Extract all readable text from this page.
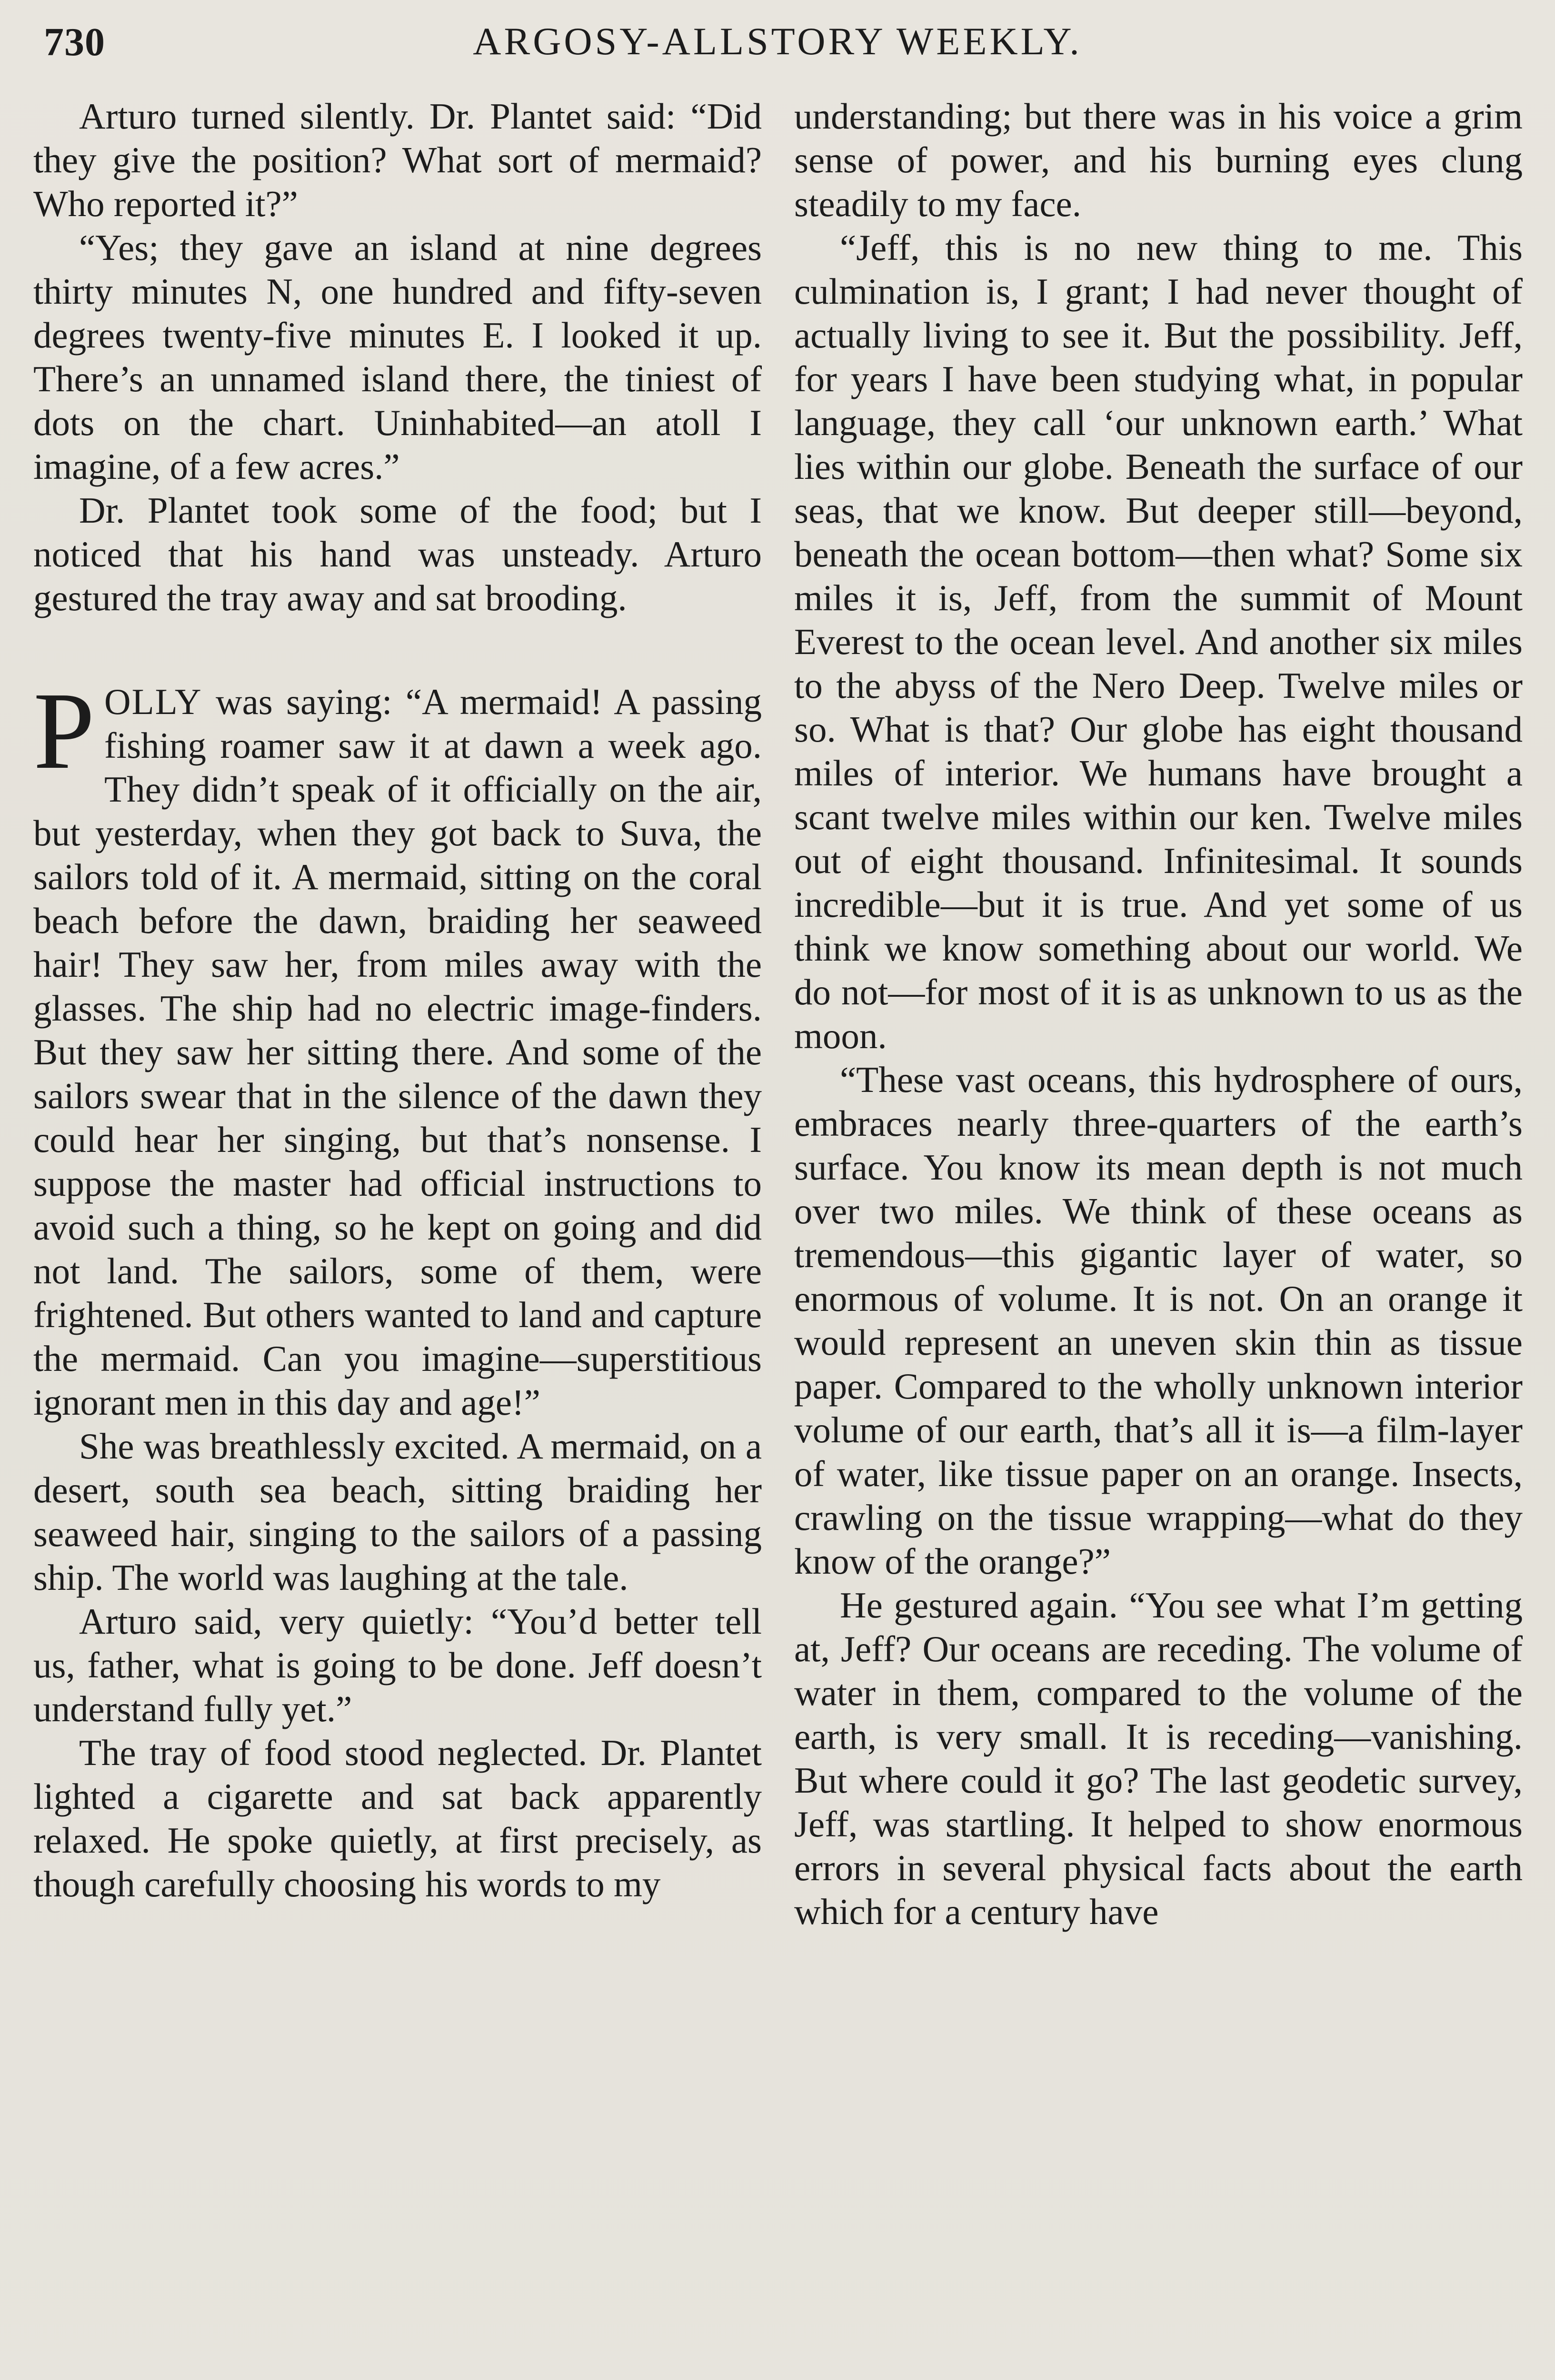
730	ARGOSY-ALLSTORY WEEKLY.

Arturo turned silently. Dr. Plantet said: “Did they give the position? What sort of mermaid? Who reported it?”

“Yes; they gave an island at nine degrees thirty minutes N, one hundred and fifty-seven degrees twenty-five minutes E. I looked it up. There’s an unnamed island there, the tiniest of dots on the chart. Uninhabited—an atoll I imagine, of a few acres.”

Dr. Plantet took some of the food; but I noticed that his hand was unsteady. Arturo gestured the tray away and sat brooding.

POLLY was saying: “A mermaid! A passing fishing roamer saw it at dawn a week ago. They didn’t speak of it officially on the air, but yesterday, when they got back to Suva, the sailors told of it. A mermaid, sitting on the coral beach before the dawn, braiding her seaweed hair! They saw her, from miles away with the glasses. The ship had no electric image-finders. But they saw her sitting there. And some of the sailors swear that in the silence of the dawn they could hear her singing, but that’s nonsense. I suppose the master had official instructions to avoid such a thing, so he kept on going and did not land. The sailors, some of them, were frightened. But others wanted to land and capture the mermaid. Can you imagine—superstitious ignorant men in this day and age!”

She was breathlessly excited. A mermaid, on a desert, south sea beach, sitting braiding her seaweed hair, singing to the sailors of a passing ship. The world was laughing at the tale.

Arturo said, very quietly: “You’d better tell us, father, what is going to be done. Jeff doesn’t understand fully yet.”

The tray of food stood neglected. Dr. Plantet lighted a cigarette and sat back apparently relaxed. He spoke quietly, at first precisely, as though carefully choosing his words to my

understanding; but there was in his voice a grim sense of power, and his burning eyes clung steadily to my face.

“Jeff, this is no new thing to me. This culmination is, I grant; I had never thought of actually living to see it. But the possibility. Jeff, for years I have been studying what, in popular language, they call ‘our unknown earth.’ What lies within our globe. Beneath the surface of our seas, that we know. But deeper still—beyond, beneath the ocean bottom—then what? Some six miles it is, Jeff, from the summit of Mount Everest to the ocean level. And another six miles to the abyss of the Nero Deep. Twelve miles or so. What is that? Our globe has eight thousand miles of interior. We humans have brought a scant twelve miles within our ken. Twelve miles out of eight thousand. Infinitesimal. It sounds incredible—but it is true. And yet some of us think we know something about our world. We do not—for most of it is as unknown to us as the moon.

“These vast oceans, this hydrosphere of ours, embraces nearly three-quarters of the earth’s surface. You know its mean depth is not much over two miles. We think of these oceans as tremendous—this gigantic layer of water, so enormous of volume. It is not. On an orange it would represent an uneven skin thin as tissue paper. Compared to the wholly unknown interior volume of our earth, that’s all it is—a film-layer of water, like tissue paper on an orange. Insects, crawling on the tissue wrapping—what do they know of the orange?”

He gestured again. “You see what I’m getting at, Jeff? Our oceans are receding. The volume of water in them, compared to the volume of the earth, is very small. It is receding—vanishing. But where could it go? The last geodetic survey, Jeff, was startling. It helped to show enormous errors in several physical facts about the earth which for a century have
